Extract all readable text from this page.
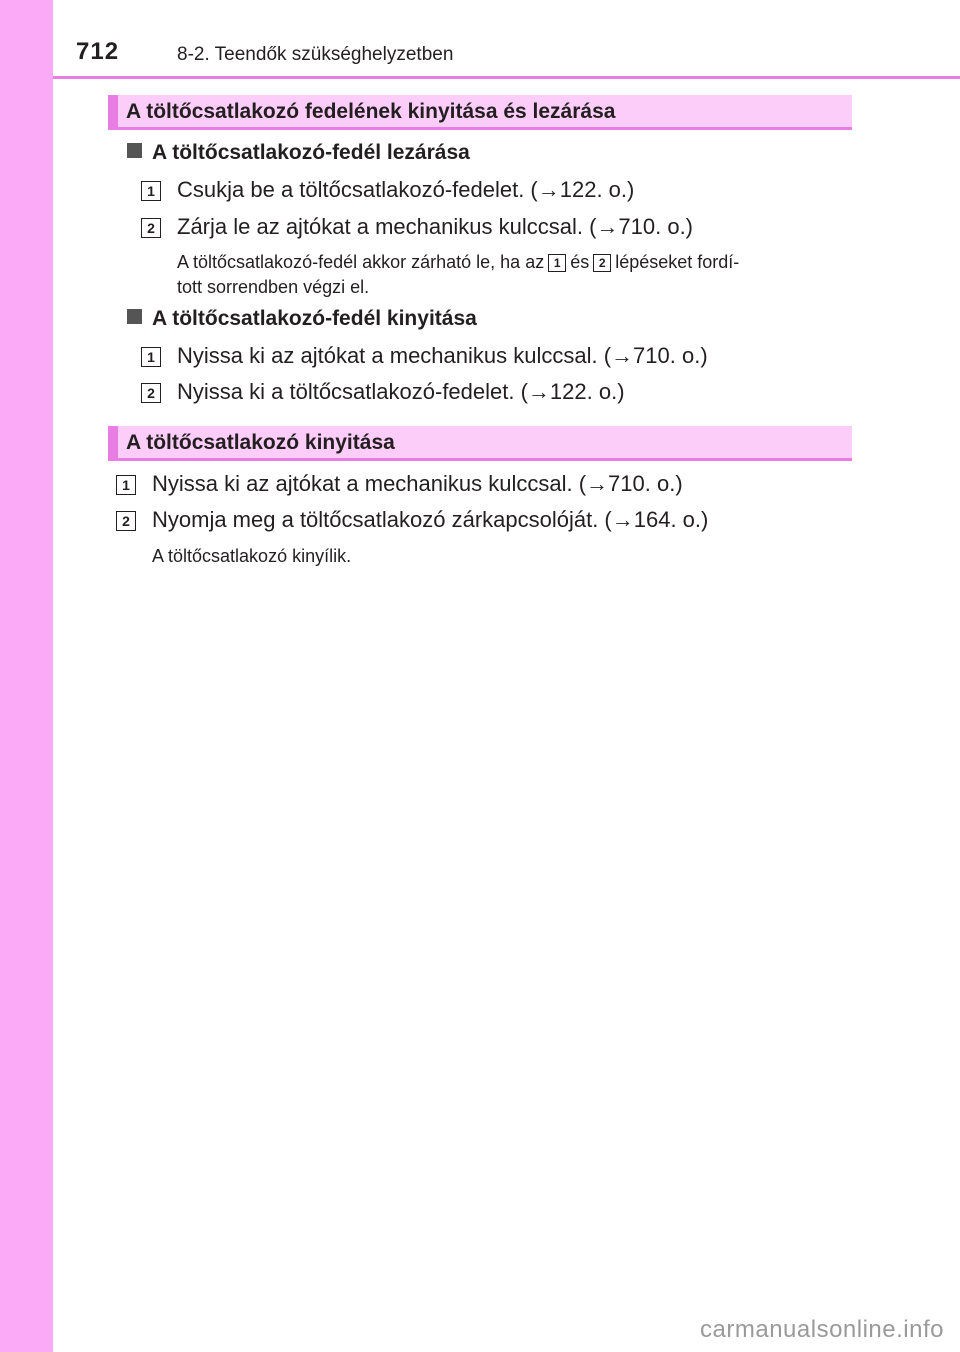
712	8-2. Teendők szükséghelyzetben
A töltőcsatlakozó fedelének kinyitása és lezárása
A töltőcsatlakozó-fedél lezárása
1 Csukja be a töltőcsatlakozó-fedelet. (→122. o.)
2 Zárja le az ajtókat a mechanikus kulccsal. (→710. o.)
A töltőcsatlakozó-fedél akkor zárható le, ha az 1 és 2 lépéseket fordí-
tott sorrendben végzi el.
A töltőcsatlakozó-fedél kinyitása
1 Nyissa ki az ajtókat a mechanikus kulccsal. (→710. o.)
2 Nyissa ki a töltőcsatlakozó-fedelet. (→122. o.)
A töltőcsatlakozó kinyitása
1 Nyissa ki az ajtókat a mechanikus kulccsal. (→710. o.)
2 Nyomja meg a töltőcsatlakozó zárkapcsolóját. (→164. o.)
A töltőcsatlakozó kinyílik.
carmanualsonline.info
